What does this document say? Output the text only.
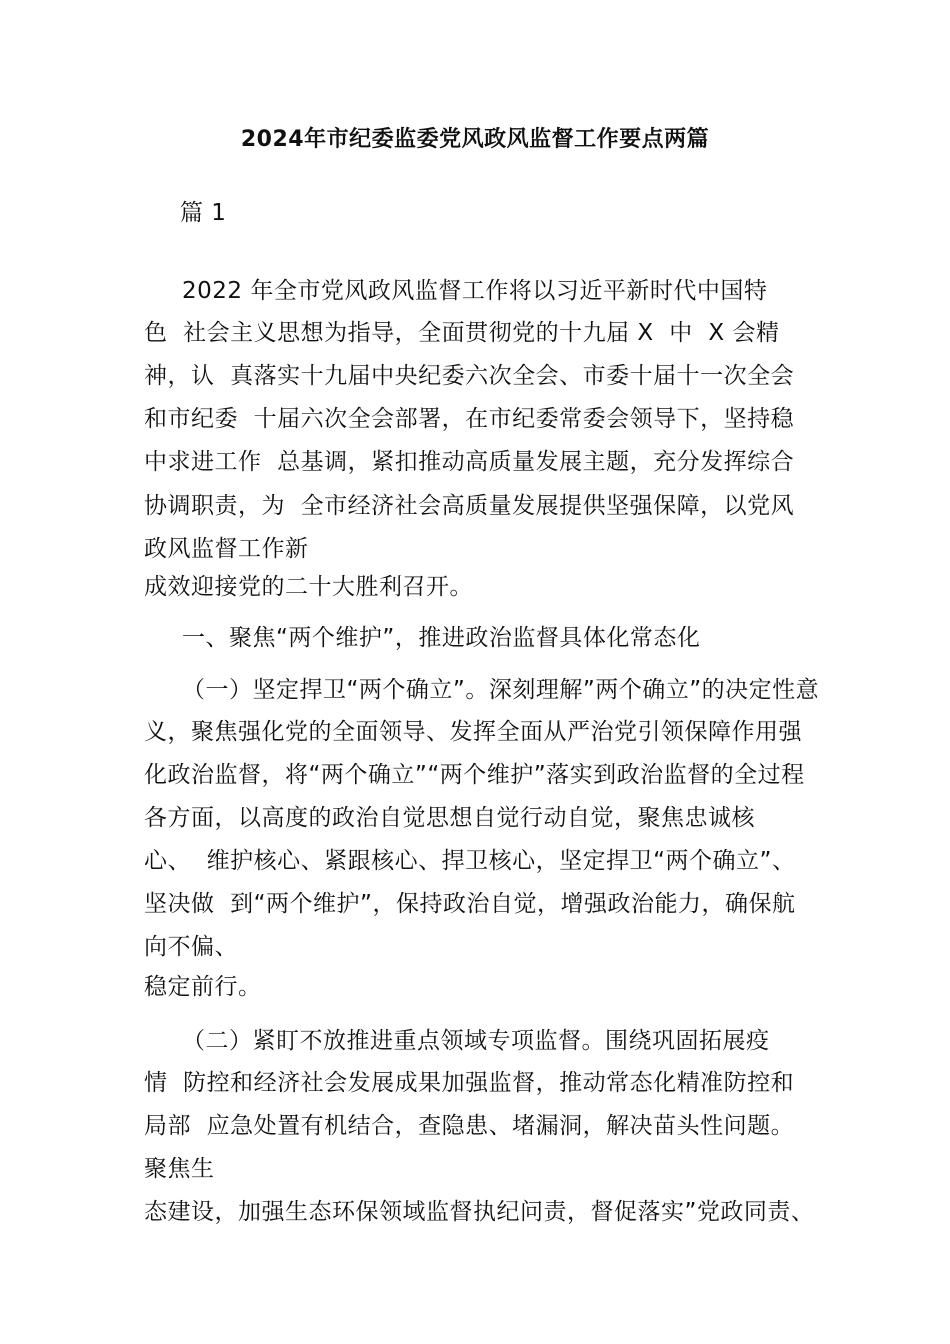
2024年市纪委监委党风政风监督工作要点两篇
篇 1
2022 年全市党风政风监督工作将以习近平新时代中国特
色  社会主义思想为指导，全面贯彻党的十九届 X  中  X 会精
神，认  真落实十九届中央纪委六次全会、市委十届十一次全会
和市纪委  十届六次全会部署，在市纪委常委会领导下，坚持稳
中求进工作  总基调，紧扣推动高质量发展主题，充分发挥综合
协调职责，为  全市经济社会高质量发展提供坚强保障，以党风
政风监督工作新
成效迎接党的二十大胜利召开。
一、聚焦“两个维护”，推进政治监督具体化常态化
（一）坚定捍卫“两个确立”。深刻理解”两个确立”的决定性意
义，聚焦强化党的全面领导、发挥全面从严治党引领保障作用强
化政治监督，将“两个确立”“两个维护”落实到政治监督的全过程
各方面，以高度的政治自觉思想自觉行动自觉，聚焦忠诚核
心、  维护核心、紧跟核心、捍卫核心，坚定捍卫“两个确立”、
坚决做  到“两个维护”，保持政治自觉，增强政治能力，确保航
向不偏、
稳定前行。
（二）紧盯不放推进重点领域专项监督。围绕巩固拓展疫
情  防控和经济社会发展成果加强监督，推动常态化精准防控和
局部  应急处置有机结合，查隐患、堵漏洞，解决苗头性问题。
聚焦生
态建设，加强生态环保领域监督执纪问责，督促落实”党政同责、
